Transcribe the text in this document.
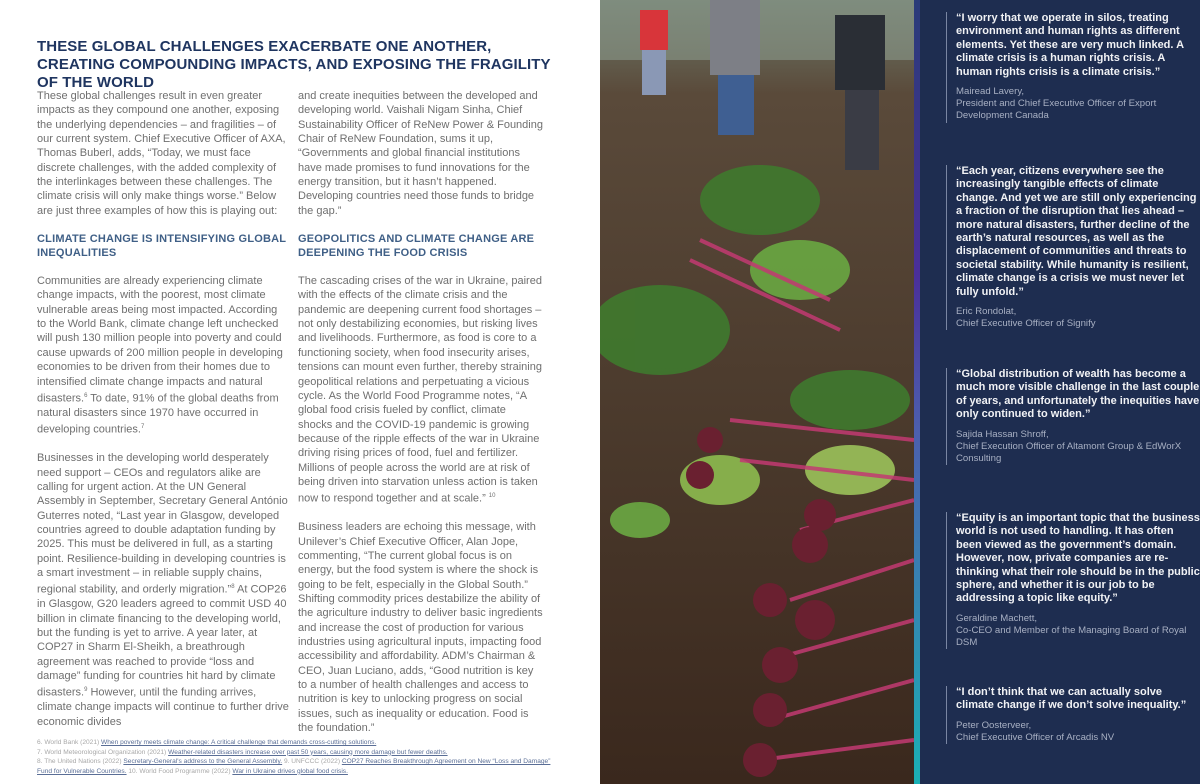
THESE GLOBAL CHALLENGES EXACERBATE ONE ANOTHER, CREATING COMPOUNDING IMPACTS, AND EXPOSING THE FRAGILITY OF THE WORLD

These global challenges result in even greater impacts as they compound one another, exposing the underlying dependencies – and fragilities – of our current system. Chief Executive Officer of AXA, Thomas Buberl, adds, “Today, we must face discrete challenges, with the added complexity of the interlinkages between these challenges. The climate crisis will only make things worse.” Below are just three examples of how this is playing out:

CLIMATE CHANGE IS INTENSIFYING GLOBAL INEQUALITIES

Communities are already experiencing climate change impacts, with the poorest, most climate vulnerable areas being most impacted. According to the World Bank, climate change left unchecked will push 130 million people into poverty and could cause upwards of 200 million people in developing economies to be driven from their homes due to intensified climate change impacts and natural disasters.$^6$ To date, 91% of the global deaths from natural disasters since 1970 have occurred in developing countries.$^7$

Businesses in the developing world desperately need support – CEOs and regulators alike are calling for urgent action. At the UN General Assembly in September, Secretary General António Guterres noted, “Last year in Glasgow, developed countries agreed to double adaptation funding by 2025. This must be delivered in full, as a starting point. Resilience-building in developing countries is a smart investment – in reliable supply chains, regional stability, and orderly migration.”$^8$ At COP26 in Glasgow, G20 leaders agreed to commit USD 40 billion in climate financing to the developing world, but the funding is yet to arrive. A year later, at COP27 in Sharm El-Sheikh, a breathrough agreement was reached to provide “loss and damage” funding for countries hit hard by climate disasters.$^9$ However, until the funding arrives, climate change impacts will continue to further drive economic divides

and create inequities between the developed and developing world. Vaishali Nigam Sinha, Chief Sustainability Officer of ReNew Power & Founding Chair of ReNew Foundation, sums it up, “Governments and global financial institutions have made promises to fund innovations for the energy transition, but it hasn’t happened. Developing countries need those funds to bridge the gap.”

GEOPOLITICS AND CLIMATE CHANGE ARE DEEPENING THE FOOD CRISIS

The cascading crises of the war in Ukraine, paired with the effects of the climate crisis and the pandemic are deepening current food shortages – not only destabilizing economies, but risking lives and livelihoods. Furthermore, as food is core to a functioning society, when food insecurity arises, tensions can mount even further, thereby straining geopolitical relations and perpetuating a vicious cycle. As the World Food Programme notes, “A global food crisis fueled by conflict, climate shocks and the COVID-19 pandemic is growing because of the ripple effects of the war in Ukraine driving rising prices of food, fuel and fertilizer. Millions of people across the world are at risk of being driven into starvation unless action is taken now to respond together and at scale.” $^{10}$

Business leaders are echoing this message, with Unilever’s Chief Executive Officer, Alan Jope, commenting, “The current global focus is on energy, but the food system is where the shock is going to be felt, especially in the Global South.” Shifting commodity prices destabilize the ability of the agriculture industry to deliver basic ingredients and increase the cost of production for various industries using agricultural inputs, impacting food accessibility and affordability. ADM’s Chairman & CEO, Juan Luciano, adds, “Good nutrition is key to a number of health challenges and access to nutrition is key to unlocking progress on social issues, such as inequality or education. Food is the foundation.”

6. World Bank (2021) When poverty meets climate change: A critical challenge that demands cross-cutting solutions.
7. World Meteorological Organization (2021) Weather-related disasters increase over past 50 years, causing more damage but fewer deaths.
8. The United Nations (2022) Secretary-General's address to the General Assembly. 9. UNFCCC (2022) COP27 Reaches Breakthrough Agreement on New “Loss and Damage” Fund for Vulnerable Countries. 10. World Food Programme (2022) War in Ukraine drives global food crisis.

“I worry that we operate in silos, treating environment and human rights as different elements. Yet these are very much linked. A climate crisis is a human rights crisis. A human rights crisis is a climate crisis.”

Mairead Lavery,

President and Chief Executive Officer of Export Development Canada

“Each year, citizens everywhere see the increasingly tangible effects of climate change. And yet we are still only experiencing a fraction of the disruption that lies ahead – more natural disasters, further decline of the earth’s natural resources, as well as the displacement of communities and threats to societal stability. While humanity is resilient, climate change is a crisis we must never let fully unfold.”

Eric Rondolat,

Chief Executive Officer of Signify

“Global distribution of wealth has become a much more visible challenge in the last couple of years, and unfortunately the inequities have only continued to widen.”

Sajida Hassan Shroff,

Chief Execution Officer of Altamont Group & EdWorX Consulting

“Equity is an important topic that the business world is not used to handling. It has often been viewed as the government’s domain. However, now, private companies are re-thinking what their role should be in the public sphere, and whether it is our job to be addressing a topic like equity.”

Geraldine Machett,

Co-CEO and Member of the Managing Board of Royal DSM

“I don’t think that we can actually solve climate change if we don’t solve inequality.”

Peter Oosterveer,

Chief Executive Officer of Arcadis NV
